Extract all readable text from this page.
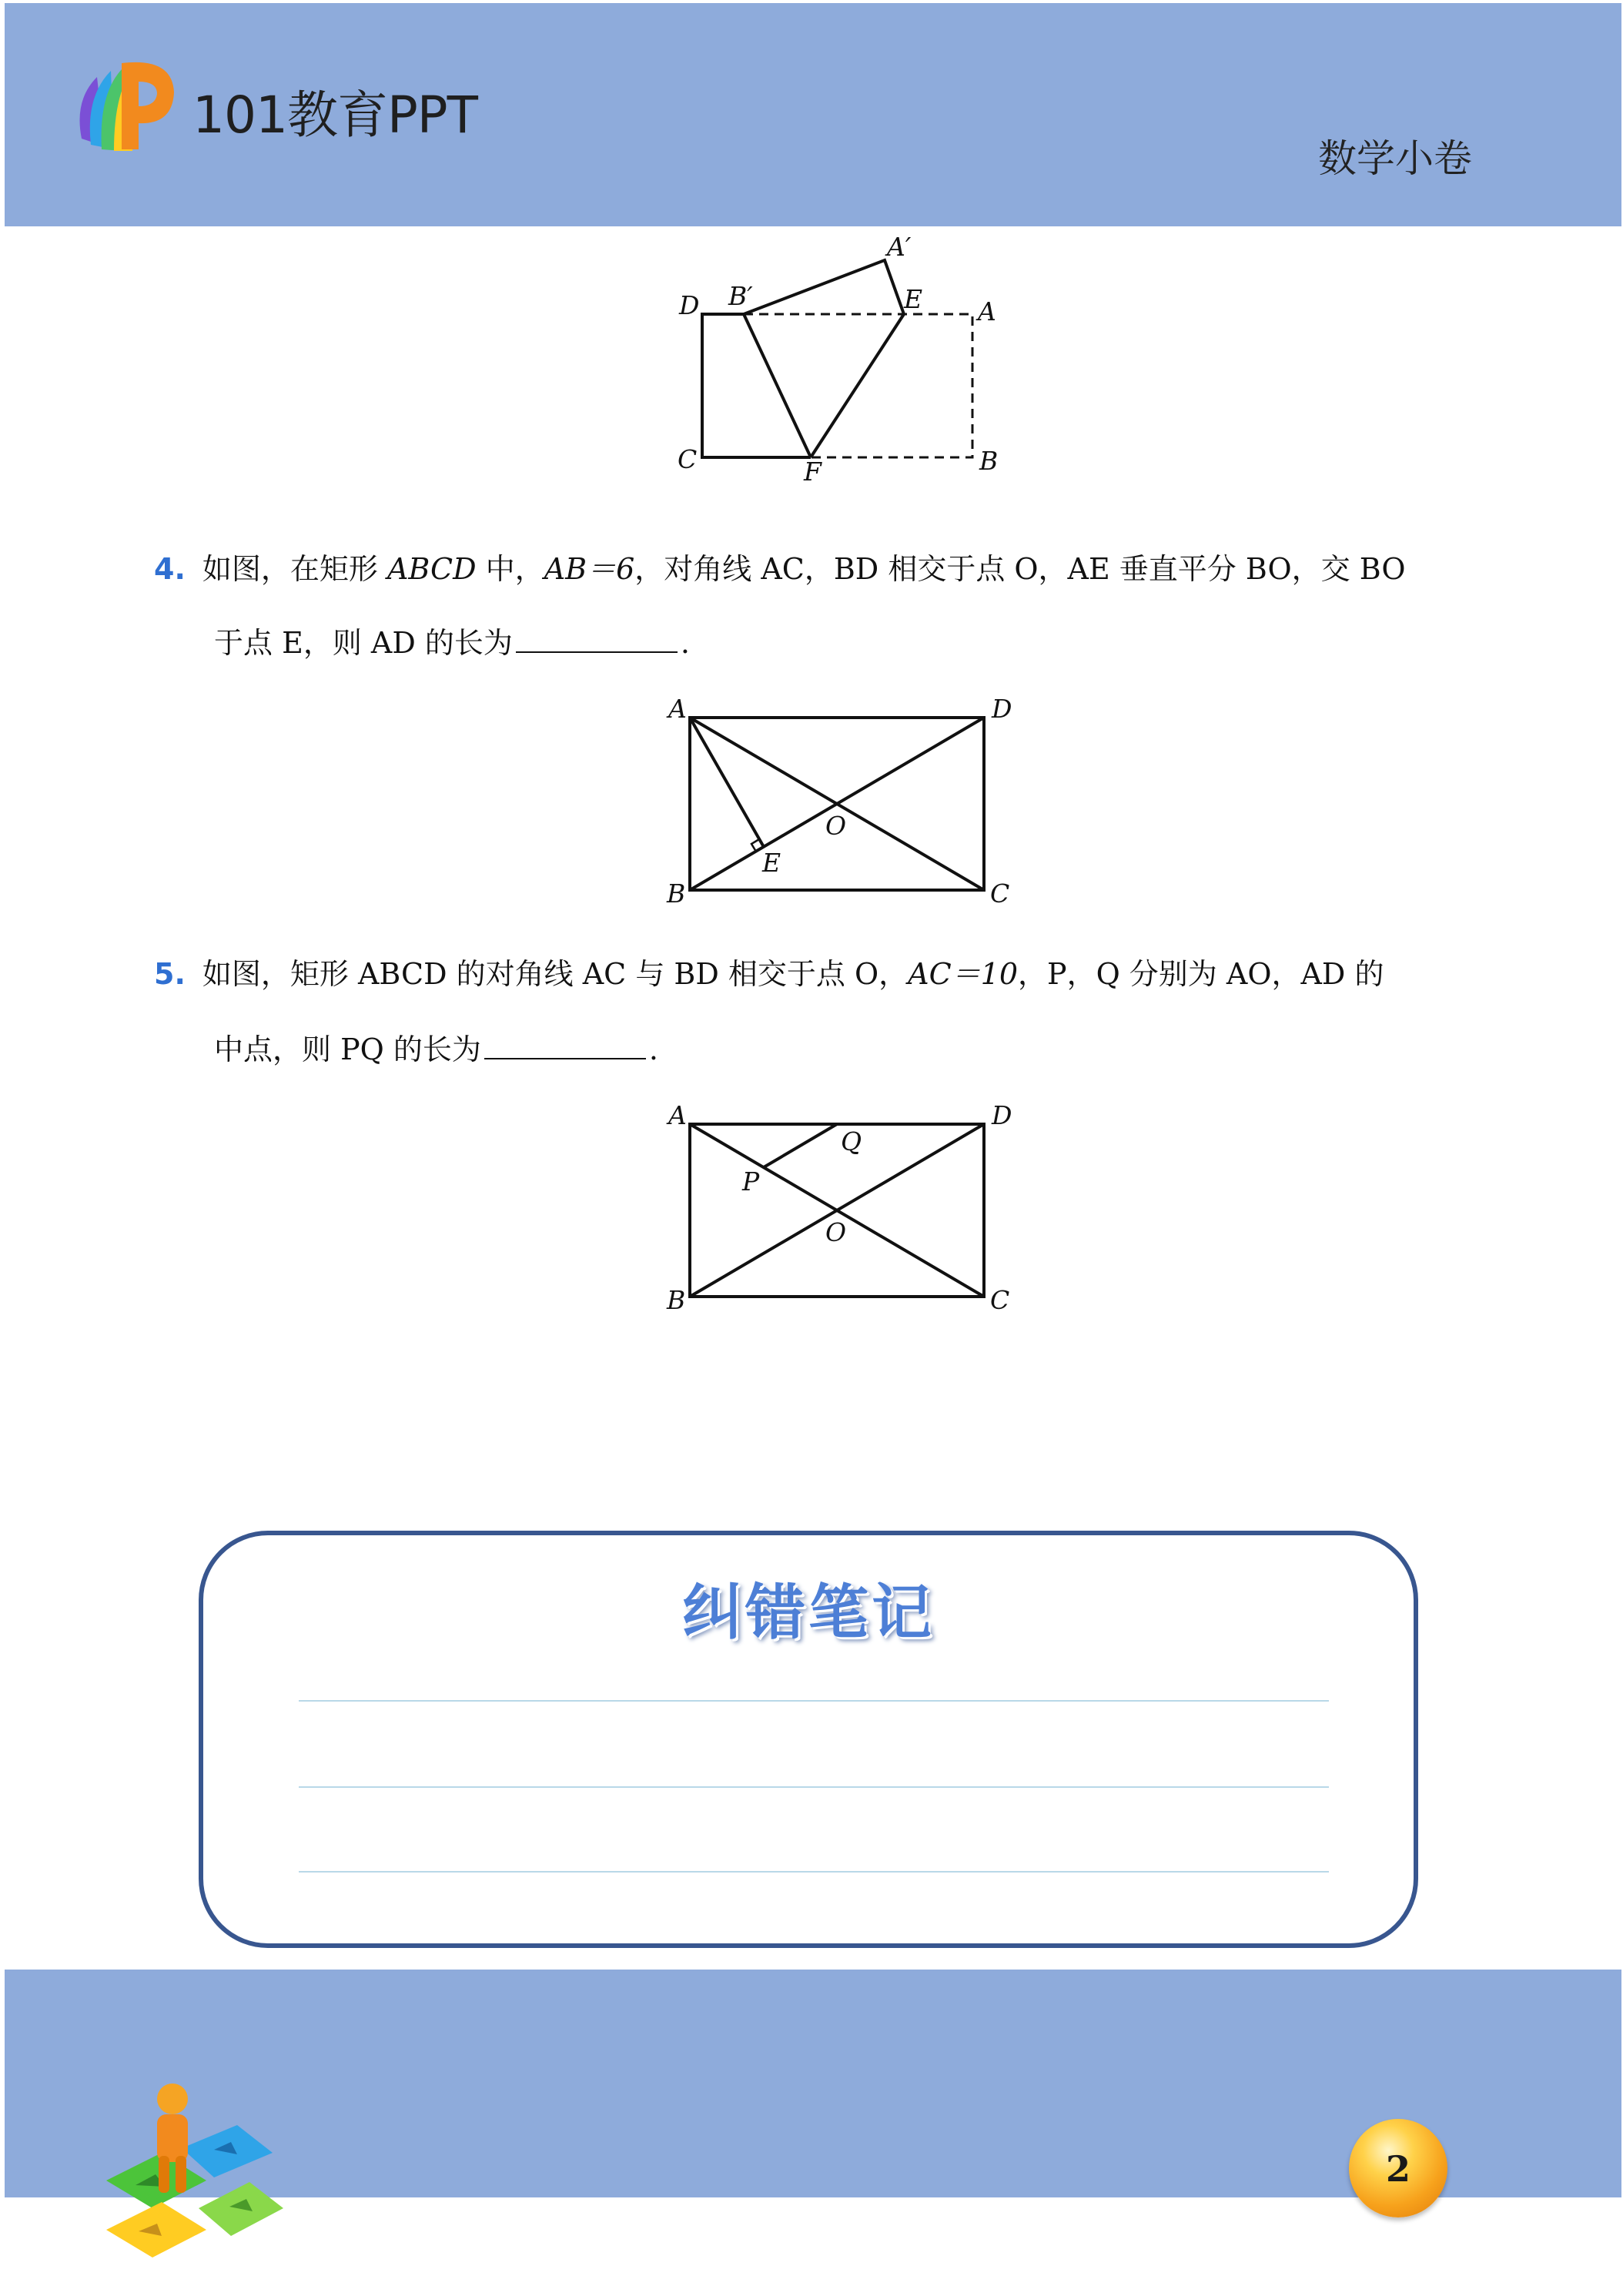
101教育PPT
数学小卷
A′
B′
D	E A
C	F	B
4. 如图，在矩形 ABCD 中，AB＝6，对角线 AC，BD 相交于点 O，AE 垂直平分 BO，交 BO
于点 E，则 AD 的长为	.
A	D
O
E
B	C
5. 如图，矩形 ABCD 的对角线 AC 与 BD 相交于点 O，AC＝10，P，Q 分别为 AO，AD 的
中点，则 PQ 的长为	.
A	D
Q
P
O
B	C
纠错笔记
2
